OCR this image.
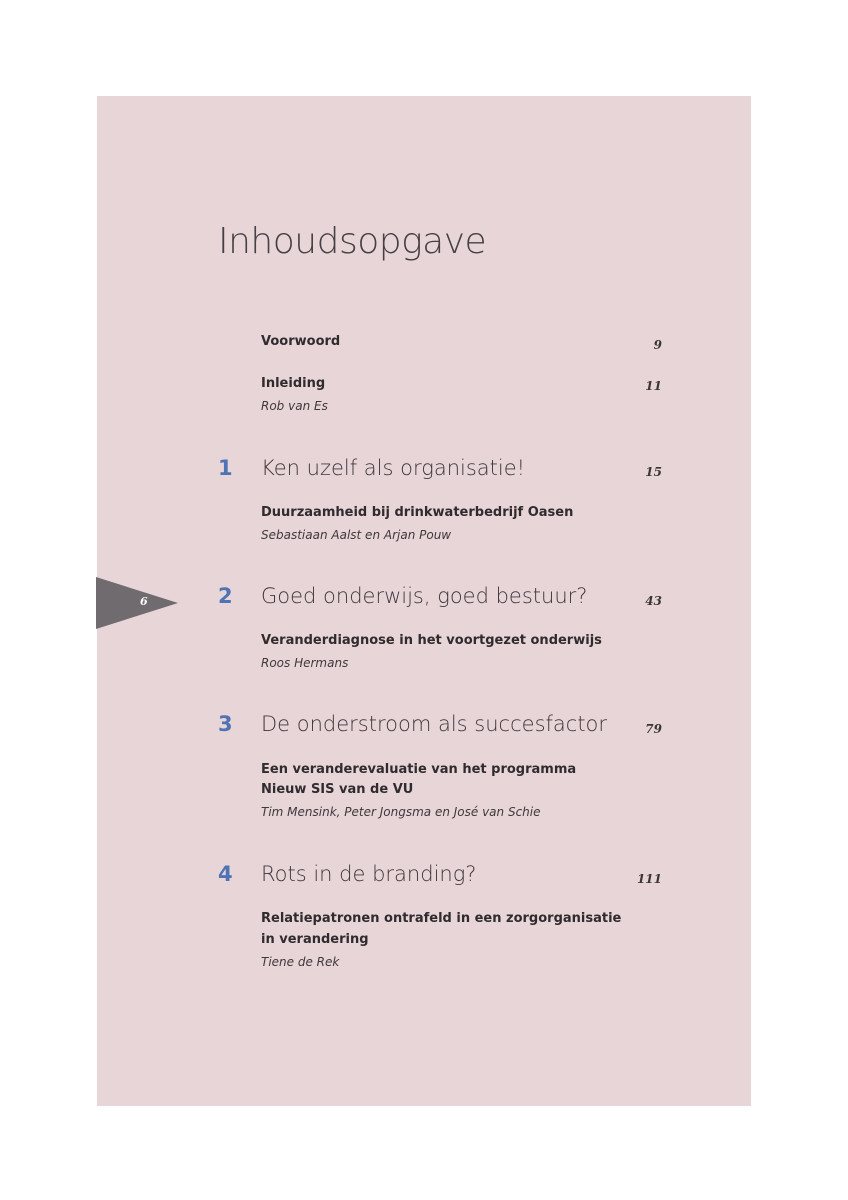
6
Inhoudsopgave
Voorwoord	9
Inleiding	11
Rob van Es
1 Ken uzelf als organisatie!	15
Duurzaamheid bij drinkwaterbedrijf Oasen
Sebastiaan Aalst en Arjan Pouw
2 Goed onderwijs, goed bestuur?	43
Veranderdiagnose in het voortgezet onderwijs
Roos Hermans
3 De onderstroom als succesfactor	79
Een veranderevaluatie van het programma
Nieuw SIS van de VU
Tim Mensink, Peter Jongsma en José van Schie
4 Rots in de branding?	111
Relatiepatronen ontrafeld in een zorgorganisatie
in verandering
Tiene de Rek
